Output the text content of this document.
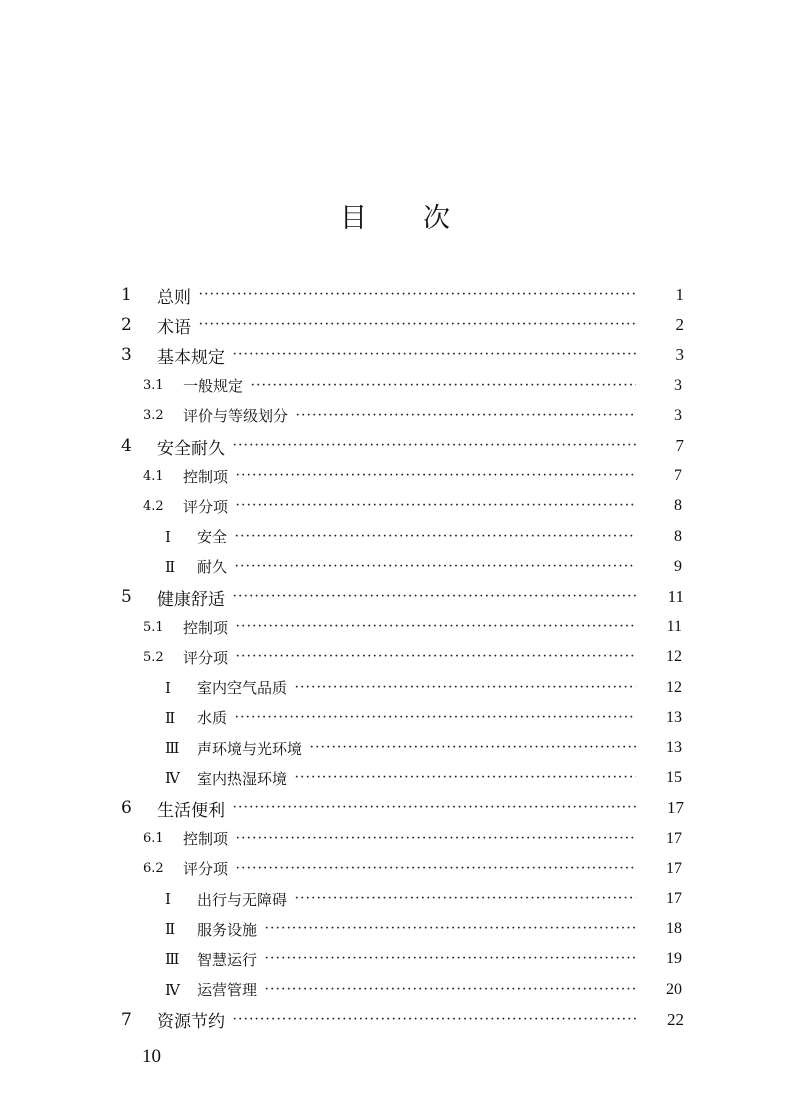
目 次
1	总则 ·····	1
2	术语 ·····	2
3	基本规定 ·····	3
3.1	一般规定 ·····	3
3.2	评价与等级划分 ·····	3
4	安全耐久 ·····	7
4.1	控制项 ·····	7
4.2	评分项 ·····	8
Ⅰ	安全 ·····	8
Ⅱ	耐久 ·····	9
5	健康舒适 ·····	11
5.1	控制项 ·····	11
5.2	评分项 ·····	12
Ⅰ	室内空气品质 ·····	12
Ⅱ	水质 ·····	13
Ⅲ	声环境与光环境 ·····	13
Ⅳ	室内热湿环境 ·····	15
6	生活便利 ·····	17
6.1	控制项 ·····	17
6.2	评分项 ·····	17
Ⅰ	出行与无障碍 ·····	17
Ⅱ	服务设施 ·····	18
Ⅲ	智慧运行 ·····	19
Ⅳ	运营管理 ·····	20
7	资源节约 ·····	22
10
